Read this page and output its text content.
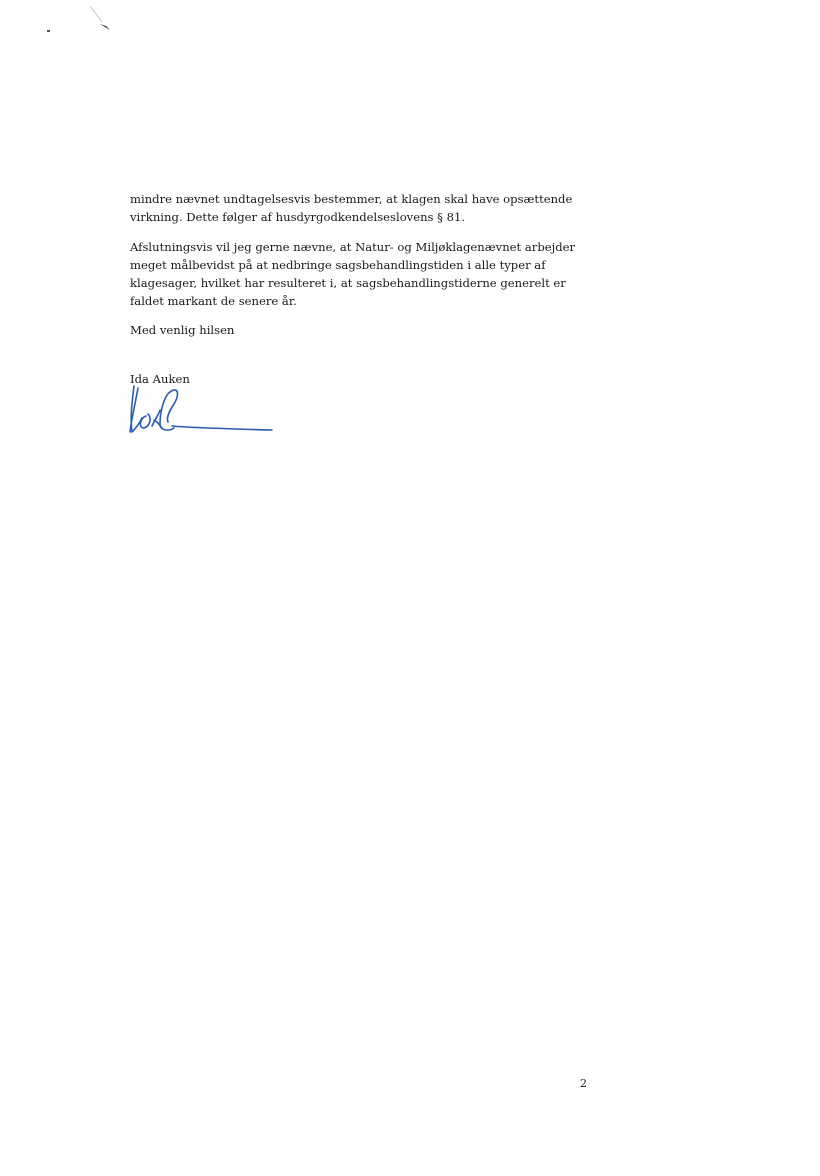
mindre nævnet undtagelsesvis bestemmer, at klagen skal have opsættende virkning. Dette følger af husdyrgodkendelseslovens § 81.

Afslutningsvis vil jeg gerne nævne, at Natur- og Miljøklagenævnet arbejder meget målbevidst på at nedbringe sagsbehandlingstiden i alle typer af klagesager, hvilket har resulteret i, at sagsbehandlingstiderne generelt er faldet markant de senere år.

Med venlig hilsen

Ida Auken

2
